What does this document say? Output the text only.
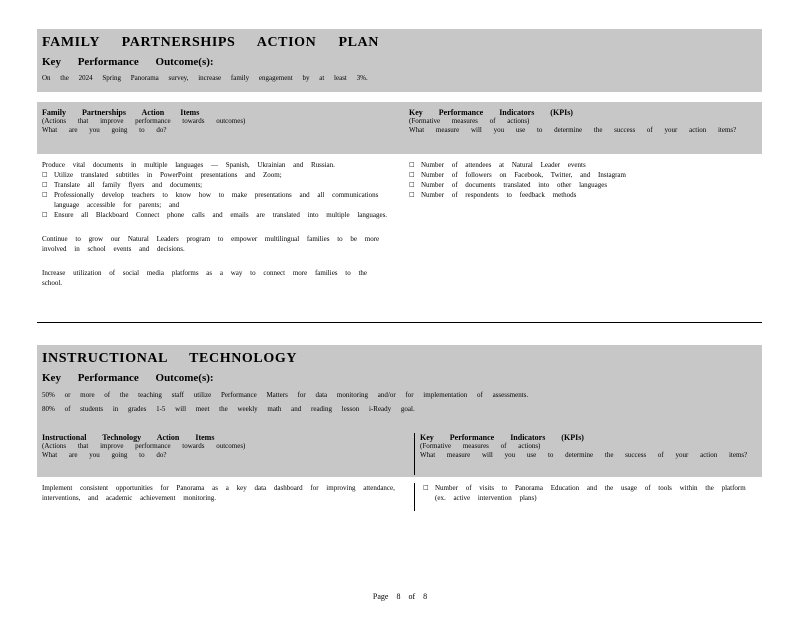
FAMILY PARTNERSHIPS ACTION PLAN
Key Performance Outcome(s):
On the 2024 Spring Panorama survey, increase family engagement by at least 3%.
Family Partnerships Action Items
(Actions that improve performance towards outcomes)
What are you going to do?
Key Performance Indicators (KPIs)
(Formative measures of actions)
What measure will you use to determine the success of your action items?
Produce vital documents in multiple languages — Spanish, Ukrainian and Russian.
□ Utilize translated subtitles in PowerPoint presentations and Zoom;
□ Translate all family flyers and documents;
□ Professionally develop teachers to know how to make presentations and all communications language accessible for parents; and
□ Ensure all Blackboard Connect phone calls and emails are translated into multiple languages.
Continue to grow our Natural Leaders program to empower multilingual families to be more involved in school events and decisions.
Increase utilization of social media platforms as a way to connect more families to the school.
□ Number of attendees at Natural Leader events
□ Number of followers on Facebook, Twitter, and Instagram
□ Number of documents translated into other languages
□ Number of respondents to feedback methods
INSTRUCTIONAL TECHNOLOGY
Key Performance Outcome(s):
50% or more of the teaching staff utilize Performance Matters for data monitoring and/or for implementation of assessments.
80% of students in grades 1-5 will meet the weekly math and reading lesson i-Ready goal.
Instructional Technology Action Items
(Actions that improve performance towards outcomes)
What are you going to do?
Key Performance Indicators (KPIs)
(Formative measures of actions)
What measure will you use to determine the success of your action items?
Implement consistent opportunities for Panorama as a key data dashboard for improving attendance, interventions, and academic achievement monitoring.
□ Number of visits to Panorama Education and the usage of tools within the platform (ex. active intervention plans)
Page 8 of 8
